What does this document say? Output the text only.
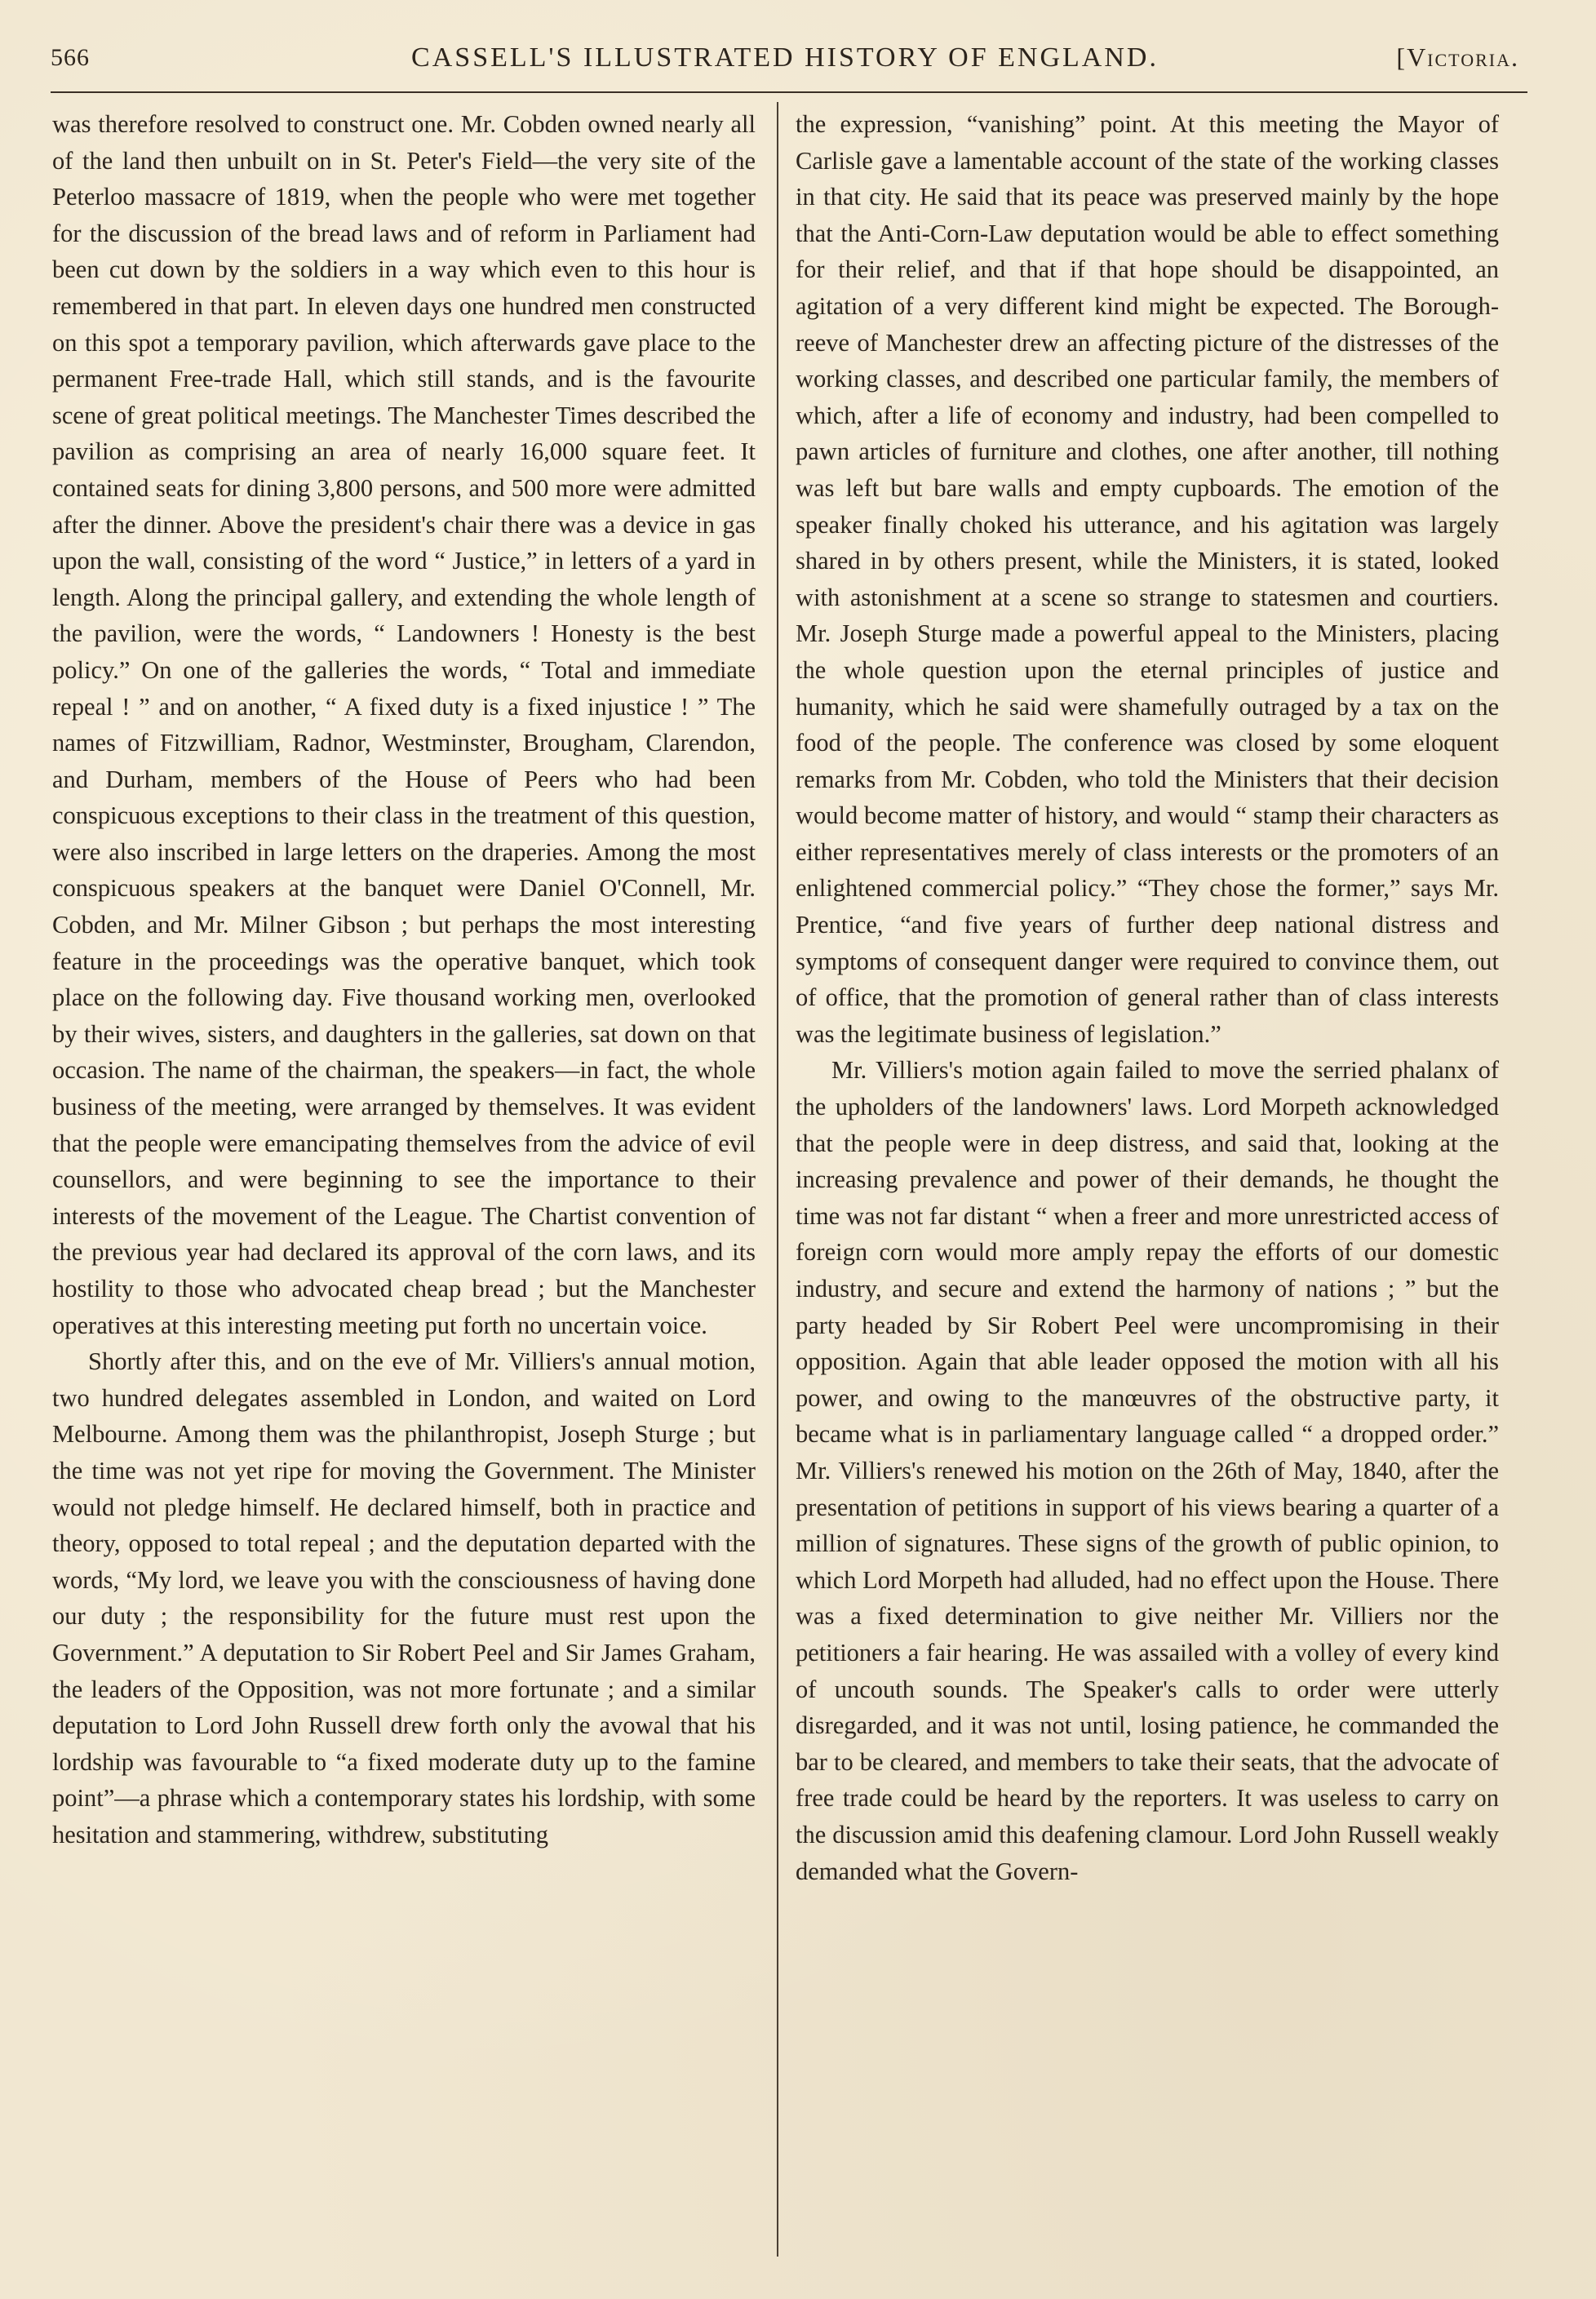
566	CASSELL'S ILLUSTRATED HISTORY OF ENGLAND.	[Victoria.

was therefore resolved to construct one. Mr. Cobden owned nearly all of the land then unbuilt on in St. Peter's Field—the very site of the Peterloo massacre of 1819, when the people who were met together for the discussion of the bread laws and of reform in Parliament had been cut down by the soldiers in a way which even to this hour is remembered in that part. In eleven days one hundred men constructed on this spot a temporary pavilion, which afterwards gave place to the permanent Free-trade Hall, which still stands, and is the favourite scene of great political meetings. The Manchester Times described the pavilion as comprising an area of nearly 16,000 square feet. It contained seats for dining 3,800 persons, and 500 more were admitted after the dinner. Above the president's chair there was a device in gas upon the wall, consisting of the word “ Justice,” in letters of a yard in length. Along the principal gallery, and extending the whole length of the pavilion, were the words, “ Landowners ! Honesty is the best policy.” On one of the galleries the words, “ Total and immediate repeal ! ” and on another, “ A fixed duty is a fixed injustice ! ” The names of Fitzwilliam, Radnor, Westminster, Brougham, Clarendon, and Durham, members of the House of Peers who had been conspicuous exceptions to their class in the treatment of this question, were also inscribed in large letters on the draperies. Among the most conspicuous speakers at the banquet were Daniel O'Connell, Mr. Cobden, and Mr. Milner Gibson ; but perhaps the most interesting feature in the proceedings was the operative banquet, which took place on the following day. Five thousand working men, overlooked by their wives, sisters, and daughters in the galleries, sat down on that occasion. The name of the chairman, the speakers—in fact, the whole business of the meeting, were arranged by themselves. It was evident that the people were emancipating themselves from the advice of evil counsellors, and were beginning to see the importance to their interests of the movement of the League. The Chartist convention of the previous year had declared its approval of the corn laws, and its hostility to those who advocated cheap bread ; but the Manchester operatives at this interesting meeting put forth no uncertain voice.

Shortly after this, and on the eve of Mr. Villiers's annual motion, two hundred delegates assembled in London, and waited on Lord Melbourne. Among them was the philanthropist, Joseph Sturge ; but the time was not yet ripe for moving the Government. The Minister would not pledge himself. He declared himself, both in practice and theory, opposed to total repeal ; and the deputation departed with the words, “My lord, we leave you with the consciousness of having done our duty ; the responsibility for the future must rest upon the Government.” A deputation to Sir Robert Peel and Sir James Graham, the leaders of the Opposition, was not more fortunate ; and a similar deputation to Lord John Russell drew forth only the avowal that his lordship was favourable to “a fixed moderate duty up to the famine point”—a phrase which a contemporary states his lordship, with some hesitation and stammering, withdrew, substituting

the expression, “vanishing” point. At this meeting the Mayor of Carlisle gave a lamentable account of the state of the working classes in that city. He said that its peace was preserved mainly by the hope that the Anti-Corn-Law deputation would be able to effect something for their relief, and that if that hope should be disappointed, an agitation of a very different kind might be expected. The Borough-reeve of Manchester drew an affecting picture of the distresses of the working classes, and described one particular family, the members of which, after a life of economy and industry, had been compelled to pawn articles of furniture and clothes, one after another, till nothing was left but bare walls and empty cupboards. The emotion of the speaker finally choked his utterance, and his agitation was largely shared in by others present, while the Ministers, it is stated, looked with astonishment at a scene so strange to statesmen and courtiers. Mr. Joseph Sturge made a powerful appeal to the Ministers, placing the whole question upon the eternal principles of justice and humanity, which he said were shamefully outraged by a tax on the food of the people. The conference was closed by some eloquent remarks from Mr. Cobden, who told the Ministers that their decision would become matter of history, and would “ stamp their characters as either representatives merely of class interests or the promoters of an enlightened commercial policy.” “They chose the former,” says Mr. Prentice, “and five years of further deep national distress and symptoms of consequent danger were required to convince them, out of office, that the promotion of general rather than of class interests was the legitimate business of legislation.”

Mr. Villiers's motion again failed to move the serried phalanx of the upholders of the landowners' laws. Lord Morpeth acknowledged that the people were in deep distress, and said that, looking at the increasing prevalence and power of their demands, he thought the time was not far distant “ when a freer and more unrestricted access of foreign corn would more amply repay the efforts of our domestic industry, and secure and extend the harmony of nations ; ” but the party headed by Sir Robert Peel were uncompromising in their opposition. Again that able leader opposed the motion with all his power, and owing to the manœuvres of the obstructive party, it became what is in parliamentary language called “ a dropped order.” Mr. Villiers's renewed his motion on the 26th of May, 1840, after the presentation of petitions in support of his views bearing a quarter of a million of signatures. These signs of the growth of public opinion, to which Lord Morpeth had alluded, had no effect upon the House. There was a fixed determination to give neither Mr. Villiers nor the petitioners a fair hearing. He was assailed with a volley of every kind of uncouth sounds. The Speaker's calls to order were utterly disregarded, and it was not until, losing patience, he commanded the bar to be cleared, and members to take their seats, that the advocate of free trade could be heard by the reporters. It was useless to carry on the discussion amid this deafening clamour. Lord John Russell weakly demanded what the Govern-
